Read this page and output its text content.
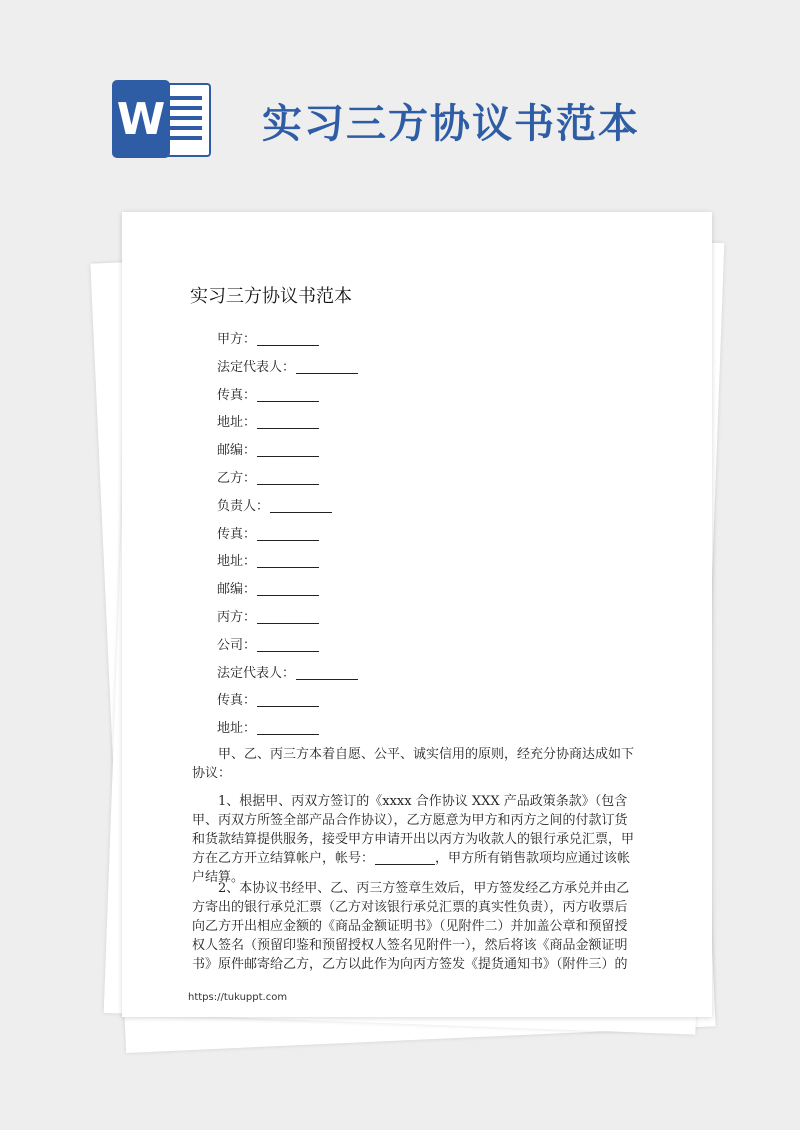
W 实习三方协议书范本
实习三方协议书范本
甲方：
法定代表人：
传真：
地址：
邮编：
乙方：
负责人：
传真：
地址：
邮编：
丙方：
公司：
法定代表人：
传真：
地址：

甲、乙、丙三方本着自愿、公平、诚实信用的原则，经充分协商达成如下协议：

1、根据甲、丙双方签订的《xxxx 合作协议 XXX 产品政策条款》（包含甲、丙双方所签全部产品合作协议），乙方愿意为甲方和丙方之间的付款订货和货款结算提供服务，接受甲方申请开出以丙方为收款人的银行承兑汇票，甲方在乙方开立结算帐户，帐号：	，甲方所有销售款项均应通过该帐户结算。

2、本协议书经甲、乙、丙三方签章生效后，甲方签发经乙方承兑并由乙方寄出的银行承兑汇票（乙方对该银行承兑汇票的真实性负责），丙方收票后向乙方开出相应金额的《商品金额证明书》（见附件二）并加盖公章和预留授权人签名（预留印鉴和预留授权人签名见附件一），然后将该《商品金额证明书》原件邮寄给乙方，乙方以此作为向丙方签发《提货通知书》（附件三）的

https://tukuppt.com
